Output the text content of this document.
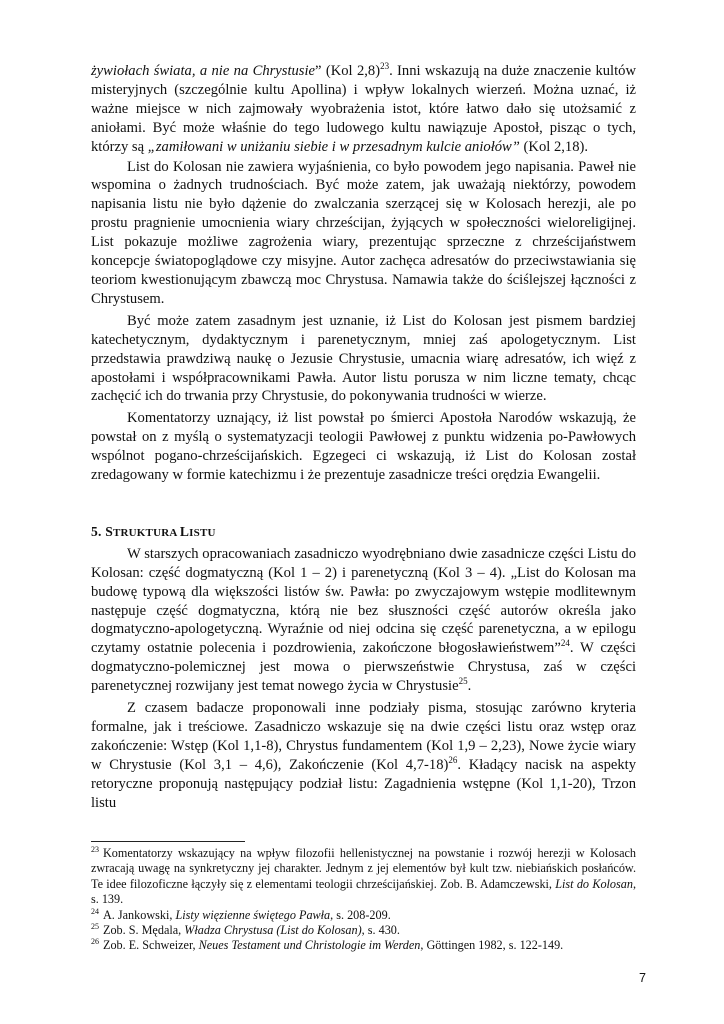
żywiołach świata, a nie na Chrystusie” (Kol 2,8)$^{23}$. Inni wskazują na duże znaczenie kultów misteryjnych (szczególnie kultu Apollina) i wpływ lokalnych wierzeń. Można uznać, iż ważne miejsce w nich zajmowały wyobrażenia istot, które łatwo dało się utożsamić z aniołami. Być może właśnie do tego ludowego kultu nawiązuje Apostoł, pisząc o tych, którzy są „zamiłowani w uniżaniu siebie i w przesadnym kulcie aniołów” (Kol 2,18).

List do Kolosan nie zawiera wyjaśnienia, co było powodem jego napisania. Paweł nie wspomina o żadnych trudnościach. Być może zatem, jak uważają niektórzy, powodem napisania listu nie było dążenie do zwalczania szerzącej się w Kolosach herezji, ale po prostu pragnienie umocnienia wiary chrześcijan, żyjących w społeczności wieloreligijnej. List pokazuje możliwe zagrożenia wiary, prezentując sprzeczne z chrześcijaństwem koncepcje światopoglądowe czy misyjne. Autor zachęca adresatów do przeciwstawiania się teoriom kwestionującym zbawczą moc Chrystusa. Namawia także do ściślejszej łączności z Chrystusem.

Być może zatem zasadnym jest uznanie, iż List do Kolosan jest pismem bardziej katechetycznym, dydaktycznym i parenetycznym, mniej zaś apologetycznym. List przedstawia prawdziwą naukę o Jezusie Chrystusie, umacnia wiarę adresatów, ich więź z apostołami i współpracownikami Pawła. Autor listu porusza w nim liczne tematy, chcąc zachęcić ich do trwania przy Chrystusie, do pokonywania trudności w wierze.

Komentatorzy uznający, iż list powstał po śmierci Apostoła Narodów wskazują, że powstał on z myślą o systematyzacji teologii Pawłowej z punktu widzenia po-Pawłowych wspólnot pogano-chrześcijańskich. Egzegeci ci wskazują, iż List do Kolosan został zredagowany w formie katechizmu i że prezentuje zasadnicze treści orędzia Ewangelii.

5. STRUKTURA LISTU

W starszych opracowaniach zasadniczo wyodrębniano dwie zasadnicze części Listu do Kolosan: część dogmatyczną (Kol 1 – 2) i parenetyczną (Kol 3 – 4). „List do Kolosan ma budowę typową dla większości listów św. Pawła: po zwyczajowym wstępie modlitewnym następuje część dogmatyczna, którą nie bez słuszności część autorów określa jako dogmatyczno-apologetyczną. Wyraźnie od niej odcina się część parenetyczna, a w epilogu czytamy ostatnie polecenia i pozdrowienia, zakończone błogosławieństwem”$^{24}$. W części dogmatyczno-polemicznej jest mowa o pierwszeństwie Chrystusa, zaś w części parenetycznej rozwijany jest temat nowego życia w Chrystusie$^{25}$.

Z czasem badacze proponowali inne podziały pisma, stosując zarówno kryteria formalne, jak i treściowe. Zasadniczo wskazuje się na dwie części listu oraz wstęp oraz zakończenie: Wstęp (Kol 1,1-8), Chrystus fundamentem (Kol 1,9 – 2,23), Nowe życie wiary w Chrystusie (Kol 3,1 – 4,6), Zakończenie (Kol 4,7-18)$^{26}$. Kładący nacisk na aspekty retoryczne proponują następujący podział listu: Zagadnienia wstępne (Kol 1,1-20), Trzon listu

23 Komentatorzy wskazujący na wpływ filozofii hellenistycznej na powstanie i rozwój herezji w Kolosach zwracają uwagę na synkretyczny jej charakter. Jednym z jej elementów był kult tzw. niebiańskich posłańców. Te idee filozoficzne łączyły się z elementami teologii chrześcijańskiej. Zob. B. Adamczewski, List do Kolosan, s. 139.

24 A. Jankowski, Listy więzienne świętego Pawła, s. 208-209.

25 Zob. S. Mędala, Władza Chrystusa (List do Kolosan), s. 430.

26 Zob. E. Schweizer, Neues Testament und Christologie im Werden, Göttingen 1982, s. 122-149.

7
